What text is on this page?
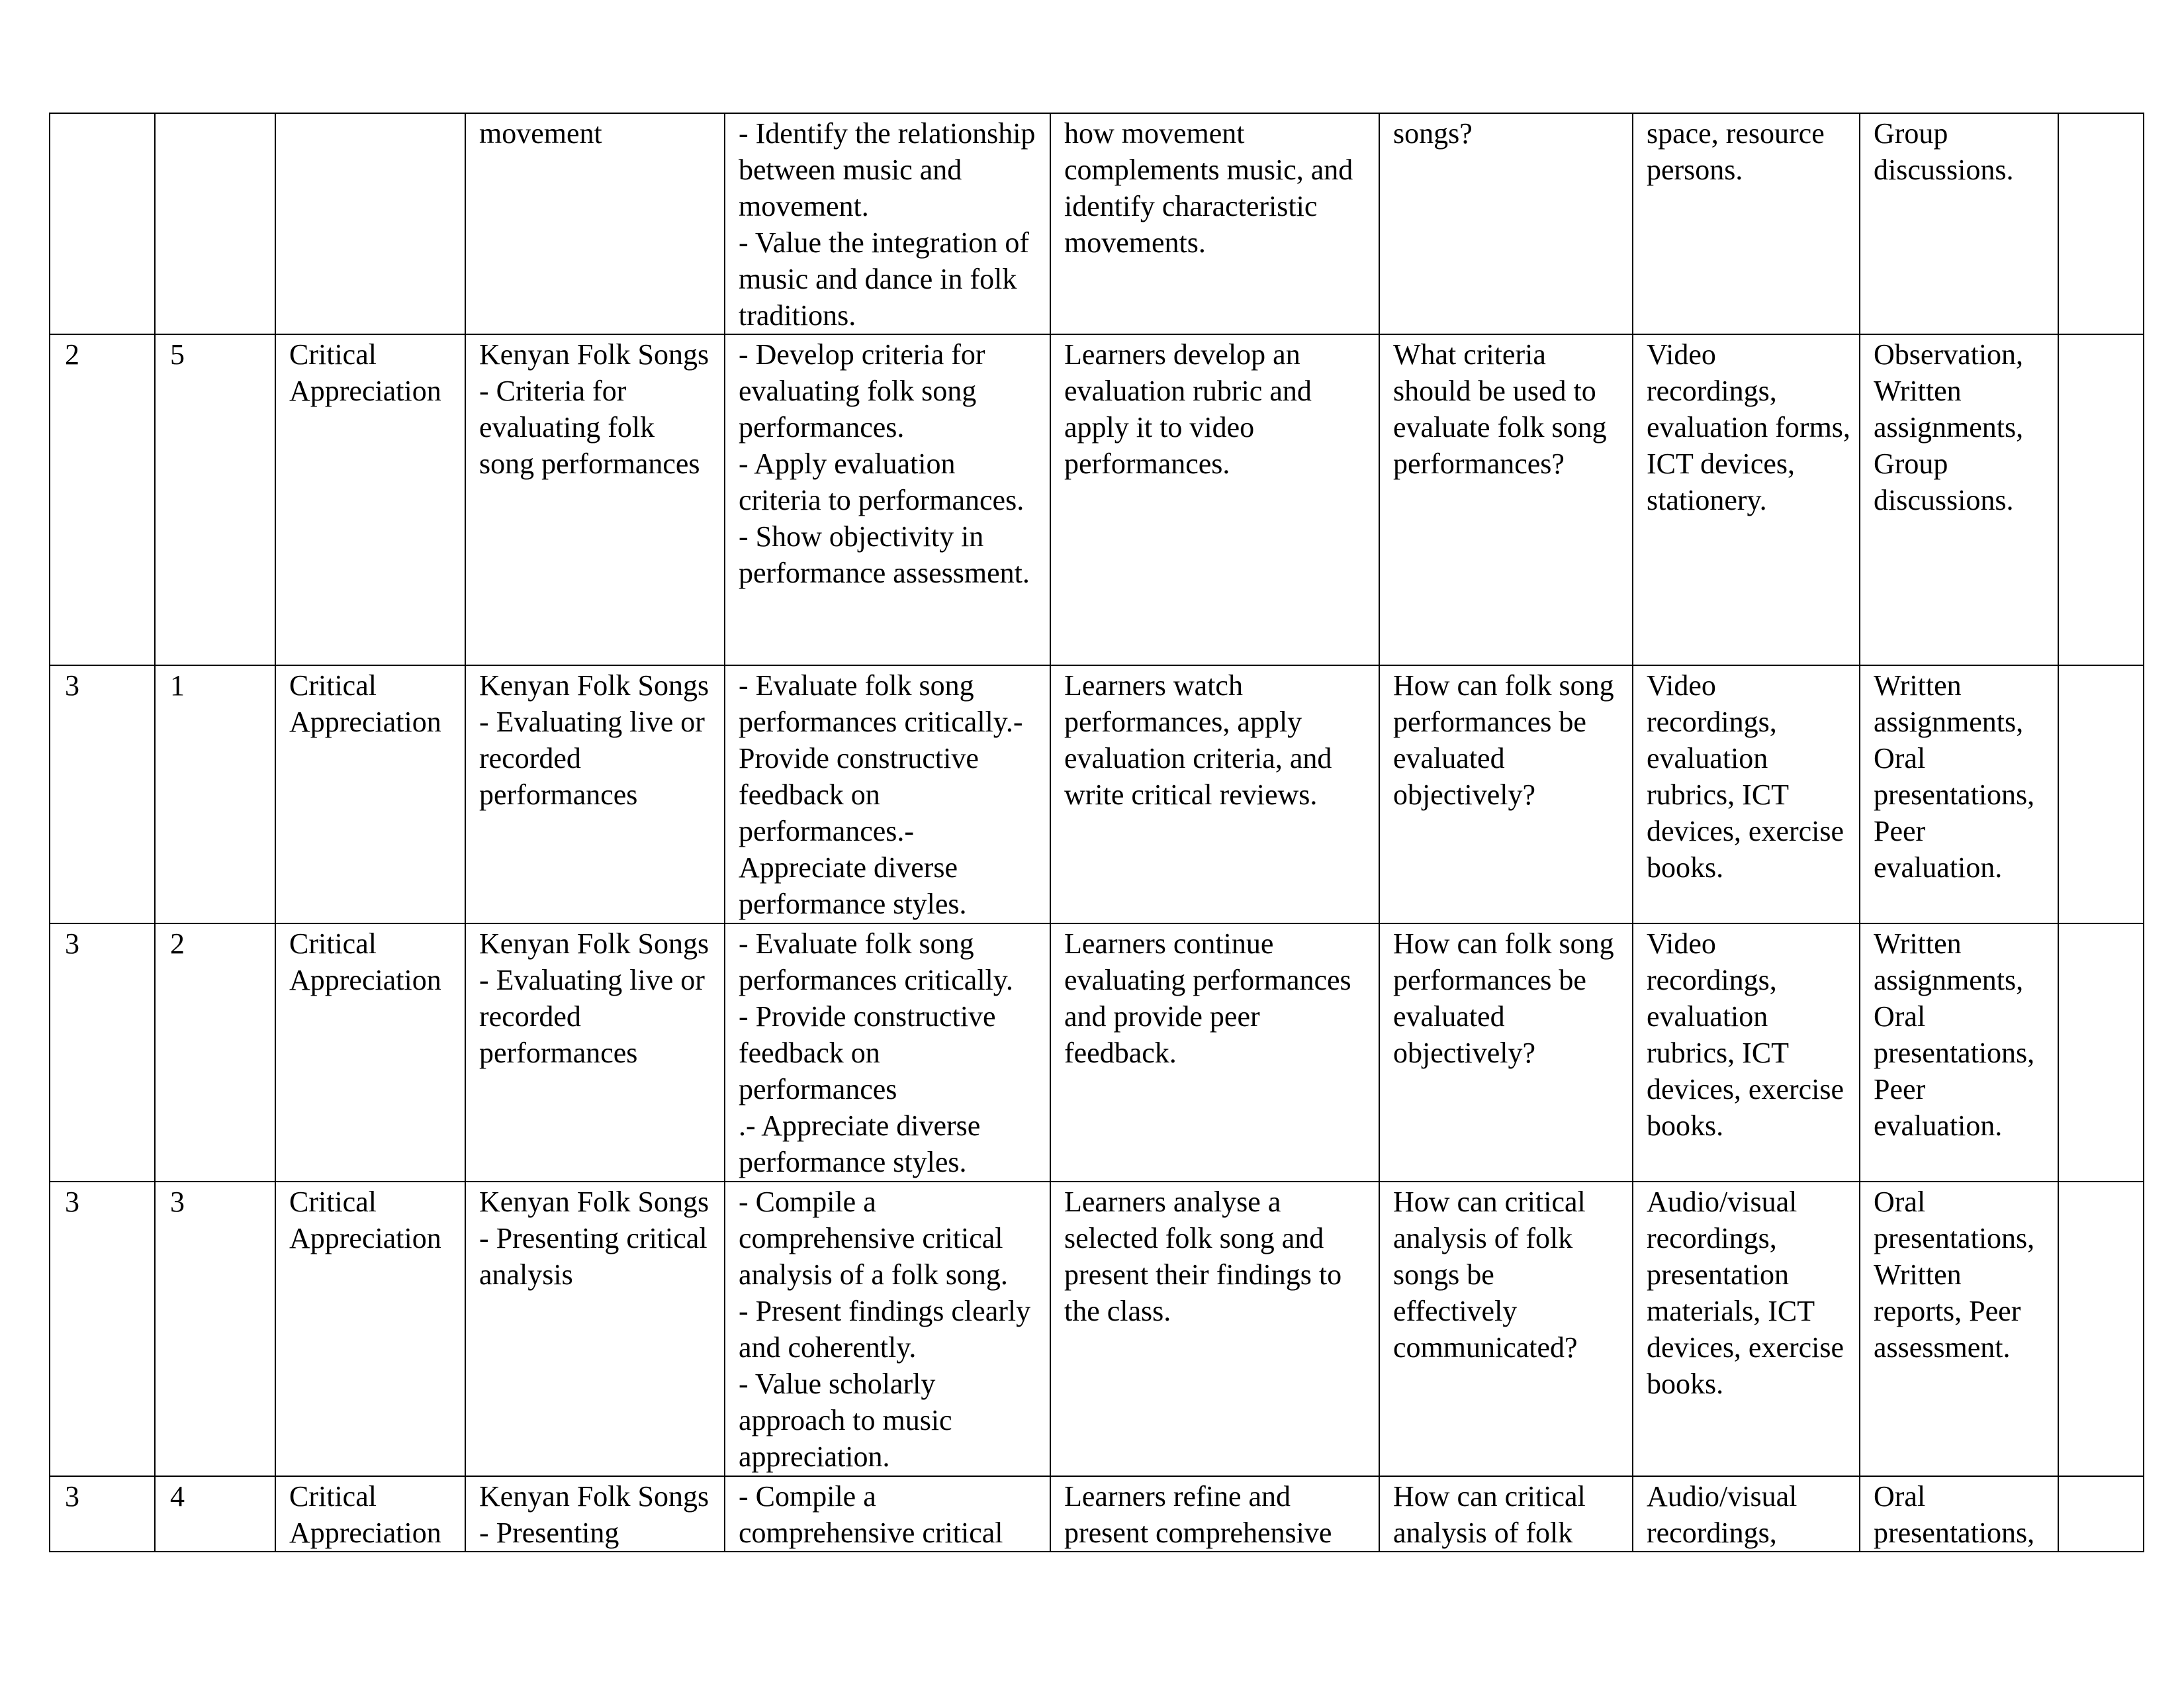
			movement	- Identify the relationship between music and movement.
- Value the integration of music and dance in folk traditions.	how movement complements music, and identify characteristic movements.	songs?	space, resource persons.	Group discussions.	
2	5	Critical Appreciation	Kenyan Folk Songs - Criteria for evaluating folk song performances	- Develop criteria for evaluating folk song performances.
- Apply evaluation criteria to performances.
- Show objectivity in performance assessment.	Learners develop an evaluation rubric and apply it to video performances.	What criteria should be used to evaluate folk song performances?	Video recordings, evaluation forms, ICT devices, stationery.	Observation, Written assignments, Group discussions.	
3	1	Critical Appreciation	Kenyan Folk Songs - Evaluating live or recorded performances	- Evaluate folk song performances critically.- Provide constructive feedback on performances.- Appreciate diverse performance styles.	Learners watch performances, apply evaluation criteria, and write critical reviews.	How can folk song performances be evaluated objectively?	Video recordings, evaluation rubrics, ICT devices, exercise books.	Written assignments, Oral presentations, Peer evaluation.	
3	2	Critical Appreciation	Kenyan Folk Songs - Evaluating live or recorded performances	- Evaluate folk song performances critically.
- Provide constructive feedback on performances
.- Appreciate diverse performance styles.	Learners continue evaluating performances and provide peer feedback.	How can folk song performances be evaluated objectively?	Video recordings, evaluation rubrics, ICT devices, exercise books.	Written assignments, Oral presentations, Peer evaluation.	
3	3	Critical Appreciation	Kenyan Folk Songs - Presenting critical analysis	- Compile a comprehensive critical analysis of a folk song.
- Present findings clearly and coherently.
- Value scholarly approach to music appreciation.	Learners analyse a selected folk song and present their findings to the class.	How can critical analysis of folk songs be effectively communicated?	Audio/visual recordings, presentation materials, ICT devices, exercise books.	Oral presentations, Written reports, Peer assessment.	
3	4	Critical Appreciation	Kenyan Folk Songs - Presenting	- Compile a comprehensive critical	Learners refine and present comprehensive	How can critical analysis of folk	Audio/visual recordings,	Oral presentations,	
